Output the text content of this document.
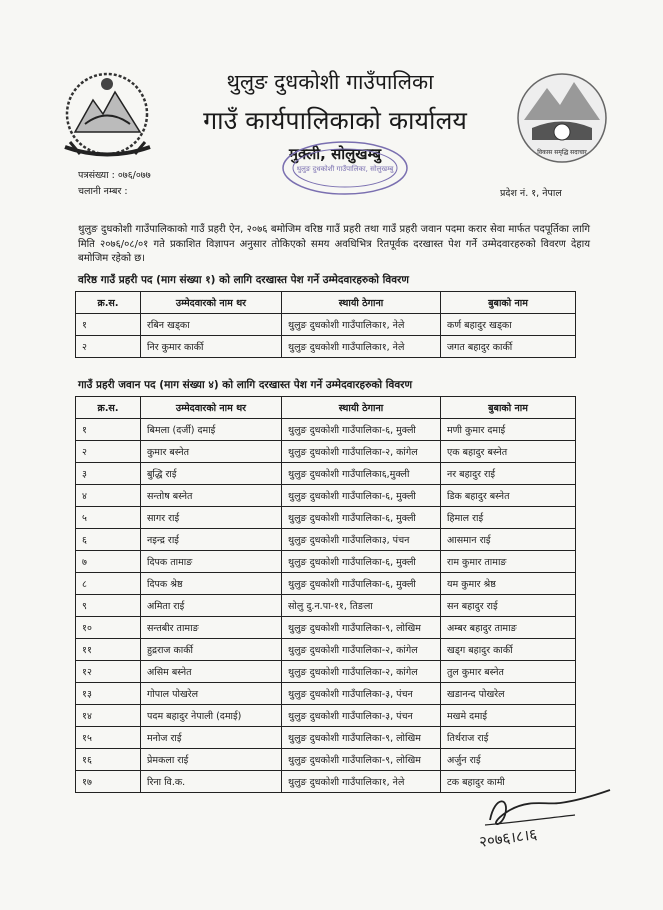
विकास समृद्धि सदाचार
थुलुङ दुधकोशी गाउँपालिका
गाउँ कार्यपालिकाको कार्यालय
मुक्ली, सोलुखम्बु
थुलुङ दुधकोशी गाउँपालिका, सोलुखम्बु
पत्रसंख्या : ०७६/०७७
चलानी नम्बर :	प्रदेश नं. १, नेपाल
थुलुङ दुधकोशी गाउँपालिकाको गाउँ प्रहरी ऐन, २०७६ बमोजिम वरिष्ठ गाउँ प्रहरी तथा गाउँ प्रहरी जवान पदमा करार सेवा मार्फत पदपूर्तिका लागि मिति २०७६/०८/०१ गते प्रकाशित विज्ञापन अनुसार तोकिएको समय अवधिभित्र रितपूर्वक दरखास्त पेश गर्ने उम्मेदवारहरुको विवरण देहाय बमोजिम रहेको छ।
वरिष्ठ गाउँ प्रहरी पद (माग संख्या १) को लागि दरखास्त पेश गर्ने उम्मेदवारहरुको विवरण
क्र.स.	उम्मेदवारको नाम थर	स्थायी ठेगाना	बुबाको नाम
१	रबिन खड्का	थुलुङ दुधकोशी गाउँपालिका१, नेले	कर्ण बहादुर खड्का
२	निर कुमार कार्की	थुलुङ दुधकोशी गाउँपालिका१, नेले	जगत बहादुर कार्की
गाउँ प्रहरी जवान पद (माग संख्या ४) को लागि दरखास्त पेश गर्ने उम्मेदवारहरुको विवरण
क्र.स.	उम्मेदवारको नाम थर	स्थायी ठेगाना	बुबाको नाम
१	बिमला (दर्जी) दमाई	थुलुङ दुधकोशी गाउँपालिका-६, मुक्ली	मणी कुमार दमाई
२	कुमार बस्नेत	थुलुङ दुधकोशी गाउँपालिका-२, कांगेल	एक बहादुर बस्नेत
३	बुद्धि राई	थुलुङ दुधकोशी गाउँपालिका६,मुक्ली	नर बहादुर राई
४	सन्तोष बस्नेत	थुलुङ दुधकोशी गाउँपालिका-६, मुक्ली	डिक बहादुर बस्नेत
५	सागर राई	थुलुङ दुधकोशी गाउँपालिका-६, मुक्ली	हिमाल राई
६	नइन्द्र राई	थुलुङ दुधकोशी गाउँपालिका३, पंचन	आसमान राई
७	दिपक तामाङ	थुलुङ दुधकोशी गाउँपालिका-६, मुक्ली	राम कुमार तामाङ
८	दिपक श्रेष्ठ	थुलुङ दुधकोशी गाउँपालिका-६, मुक्ली	यम कुमार श्रेष्ठ
९	अमिता राई	सोलु दु.न.पा-११, तिङला	सन बहादुर राई
१०	सन्तबीर तामाङ	थुलुङ दुधकोशी गाउँपालिका-९, लोखिम	अम्बर बहादुर तामाङ
११	हुद्रराज कार्की	थुलुङ दुधकोशी गाउँपालिका-२, कांगेल	खड्ग बहादुर कार्की
१२	असिम बस्नेत	थुलुङ दुधकोशी गाउँपालिका-२, कांगेल	तुल कुमार बस्नेत
१३	गोपाल पोखरेल	थुलुङ दुधकोशी गाउँपालिका-३, पंचन	खडानन्द पोखरेल
१४	पदम बहादुर नेपाली (दमाई)	थुलुङ दुधकोशी गाउँपालिका-३, पंचन	मखमे दमाई
१५	मनोज राई	थुलुङ दुधकोशी गाउँपालिका-९, लोखिम	तिर्थराज राई
१६	प्रेमकला राई	थुलुङ दुधकोशी गाउँपालिका-९, लोखिम	अर्जुन राई
१७	रिना वि.क.	थुलुङ दुधकोशी गाउँपालिका१, नेले	टक बहादुर कामी
२०७६।८।६
